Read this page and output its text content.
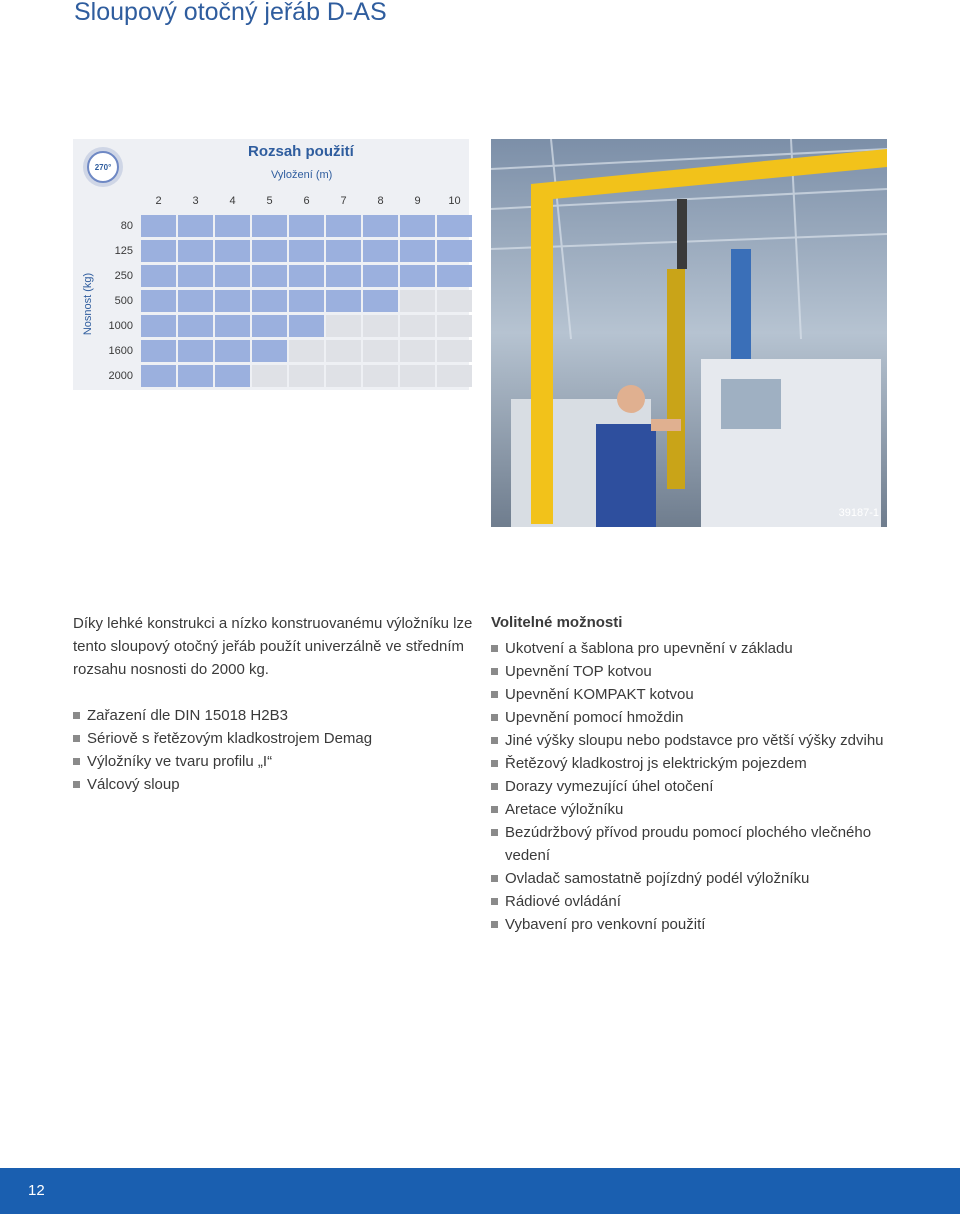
Sloupový otočný jeřáb D-AS
270°
Rozsah použití
Vyložení (m)
Nosnost (kg)
2	3	4	5	6	7	8	9	10
80
125
250
500
1000
1600
2000
39187-1

Díky lehké konstrukci a nízko konstruovanému výložníku lze tento sloupový otočný jeřáb použít univerzálně ve středním rozsahu nosnosti do 2000 kg.

Zařazení dle DIN 15018 H2B3
Sériově s řetězovým kladkostrojem Demag
Výložníky ve tvaru profilu „I“
Válcový sloup
Volitelné možnosti
Ukotvení a šablona pro upevnění v základu
Upevnění TOP kotvou
Upevnění KOMPAKT kotvou
Upevnění pomocí hmoždin
Jiné výšky sloupu nebo podstavce pro větší výšky zdvihu
Řetězový kladkostroj js elektrickým pojezdem
Dorazy vymezující úhel otočení
Aretace výložníku
Bezúdržbový přívod proudu pomocí plochého vlečného vedení
Ovladač samostatně pojízdný podél výložníku
Rádiové ovládání
Vybavení pro venkovní použití
12
